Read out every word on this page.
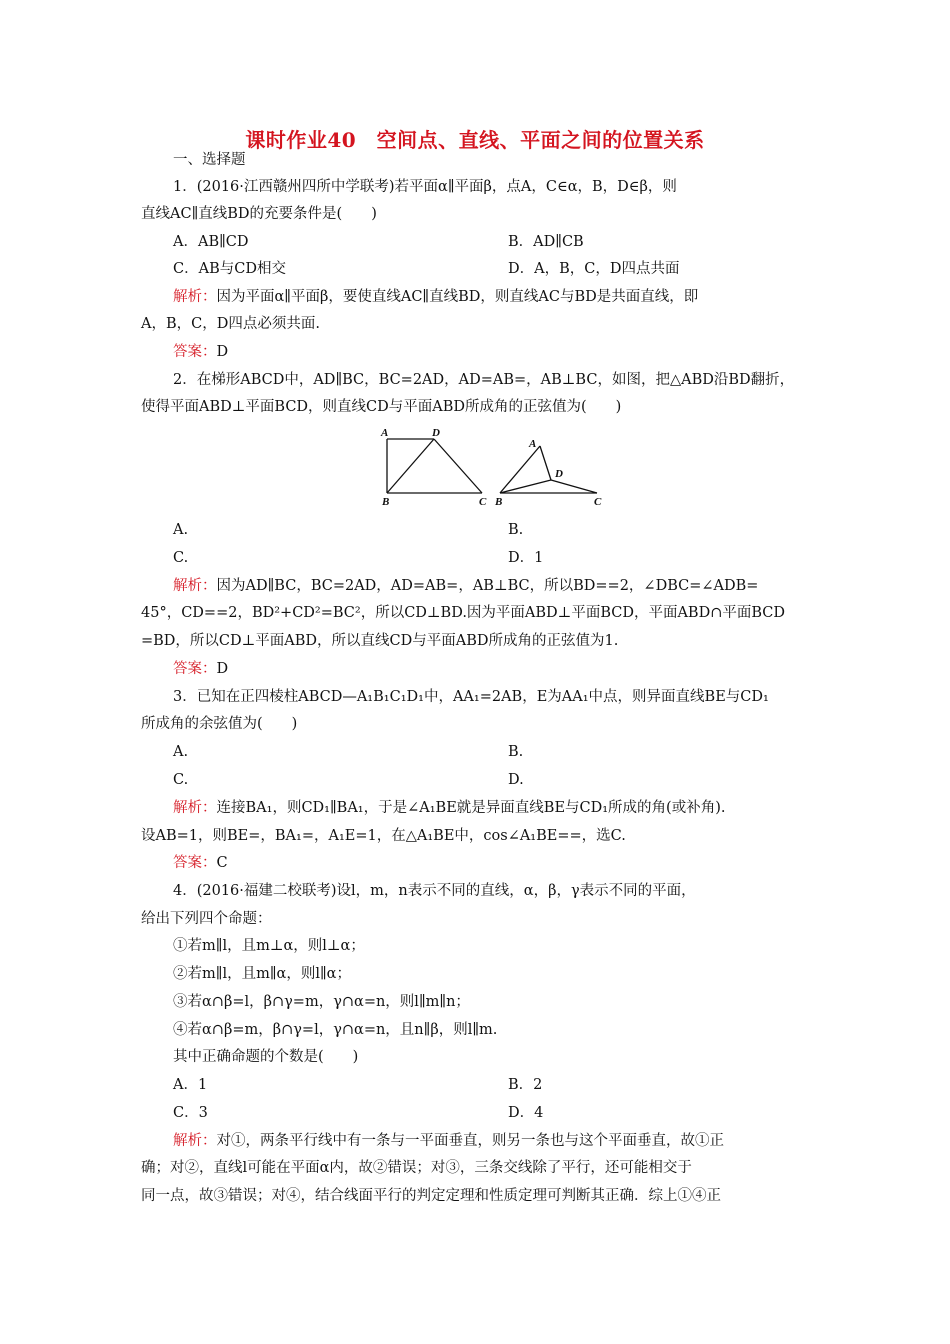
课时作业40　空间点、直线、平面之间的位置关系
一、选择题
1．(2016·江西赣州四所中学联考)若平面α∥平面β，点A，C∈α，B，D∈β，则
直线AC∥直线BD的充要条件是(　　)
A．AB∥CD	B．AD∥CB
C．AB与CD相交	D．A，B，C，D四点共面
解析：因为平面α∥平面β，要使直线AC∥直线BD，则直线AC与BD是共面直线，即
A，B，C，D四点必须共面.
答案：D
2．在梯形ABCD中，AD∥BC，BC=2AD，AD=AB=，AB⊥BC，如图，把△ABD沿BD翻折，
使得平面ABD⊥平面BCD，则直线CD与平面ABD所成角的正弦值为(　　)
A	D
B	C
A
D
B	C
A.	B.
C.	D．1
解析：因为AD∥BC，BC=2AD，AD=AB=，AB⊥BC，所以BD==2，∠DBC=∠ADB=
45°，CD==2，BD²+CD²=BC²，所以CD⊥BD.因为平面ABD⊥平面BCD，平面ABD∩平面BCD
=BD，所以CD⊥平面ABD，所以直线CD与平面ABD所成角的正弦值为1.
答案：D
3．已知在正四棱柱ABCD—A₁B₁C₁D₁中，AA₁=2AB，E为AA₁中点，则异面直线BE与CD₁
所成角的余弦值为(　　)
A.	B.
C.	D.
解析：连接BA₁，则CD₁∥BA₁，于是∠A₁BE就是异面直线BE与CD₁所成的角(或补角).
设AB=1，则BE=，BA₁=，A₁E=1，在△A₁BE中，cos∠A₁BE==，选C.
答案：C
4．(2016·福建二校联考)设l，m，n表示不同的直线，α，β，γ表示不同的平面，
给出下列四个命题：
①若m∥l，且m⊥α，则l⊥α；
②若m∥l，且m∥α，则l∥α；
③若α∩β=l，β∩γ=m，γ∩α=n，则l∥m∥n；
④若α∩β=m，β∩γ=l，γ∩α=n，且n∥β，则l∥m.
其中正确命题的个数是(　　)
A．1	B．2
C．3	D．4
解析：对①，两条平行线中有一条与一平面垂直，则另一条也与这个平面垂直，故①正
确；对②，直线l可能在平面α内，故②错误；对③，三条交线除了平行，还可能相交于
同一点，故③错误；对④，结合线面平行的判定定理和性质定理可判断其正确．综上①④正
